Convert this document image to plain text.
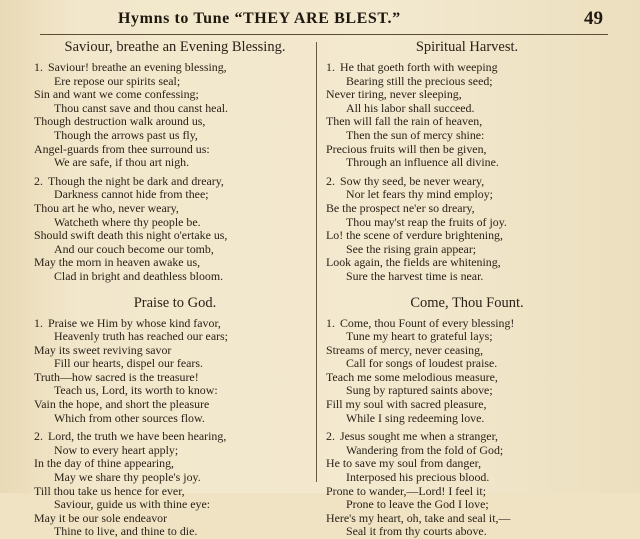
Hymns to Tune “THEY ARE BLEST.”	49

Saviour, breathe an Evening Blessing.

1. Saviour! breathe an evening blessing,
Ere repose our spirits seal;
Sin and want we come confessing;
Thou canst save and thou canst heal.
Though destruction walk around us,
Though the arrows past us fly,
Angel-guards from thee surround us:
We are safe, if thou art nigh.
2. Though the night be dark and dreary,
Darkness cannot hide from thee;
Thou art he who, never weary,
Watcheth where thy people be.
Should swift death this night o'ertake us,
And our couch become our tomb,
May the morn in heaven awake us,
Clad in bright and deathless bloom.

Praise to God.

1. Praise we Him by whose kind favor,
Heavenly truth has reached our ears;
May its sweet reviving savor
Fill our hearts, dispel our fears.
Truth—how sacred is the treasure!
Teach us, Lord, its worth to know:
Vain the hope, and short the pleasure
Which from other sources flow.
2. Lord, the truth we have been hearing,
Now to every heart apply;
In the day of thine appearing,
May we share thy people's joy.
Till thou take us hence for ever,
Saviour, guide us with thine eye:
May it be our sole endeavor
Thine to live, and thine to die.

Spiritual Harvest.

1. He that goeth forth with weeping
Bearing still the precious seed;
Never tiring, never sleeping,
All his labor shall succeed.
Then will fall the rain of heaven,
Then the sun of mercy shine:
Precious fruits will then be given,
Through an influence all divine.
2. Sow thy seed, be never weary,
Nor let fears thy mind employ;
Be the prospect ne'er so dreary,
Thou may'st reap the fruits of joy.
Lo! the scene of verdure brightening,
See the rising grain appear;
Look again, the fields are whitening,
Sure the harvest time is near.

Come, Thou Fount.

1. Come, thou Fount of every blessing!
Tune my heart to grateful lays;
Streams of mercy, never ceasing,
Call for songs of loudest praise.
Teach me some melodious measure,
Sung by raptured saints above;
Fill my soul with sacred pleasure,
While I sing redeeming love.
2. Jesus sought me when a stranger,
Wandering from the fold of God;
He to save my soul from danger,
Interposed his precious blood.
Prone to wander,—Lord! I feel it;
Prone to leave the God I love;
Here's my heart, oh, take and seal it,—
Seal it from thy courts above.
